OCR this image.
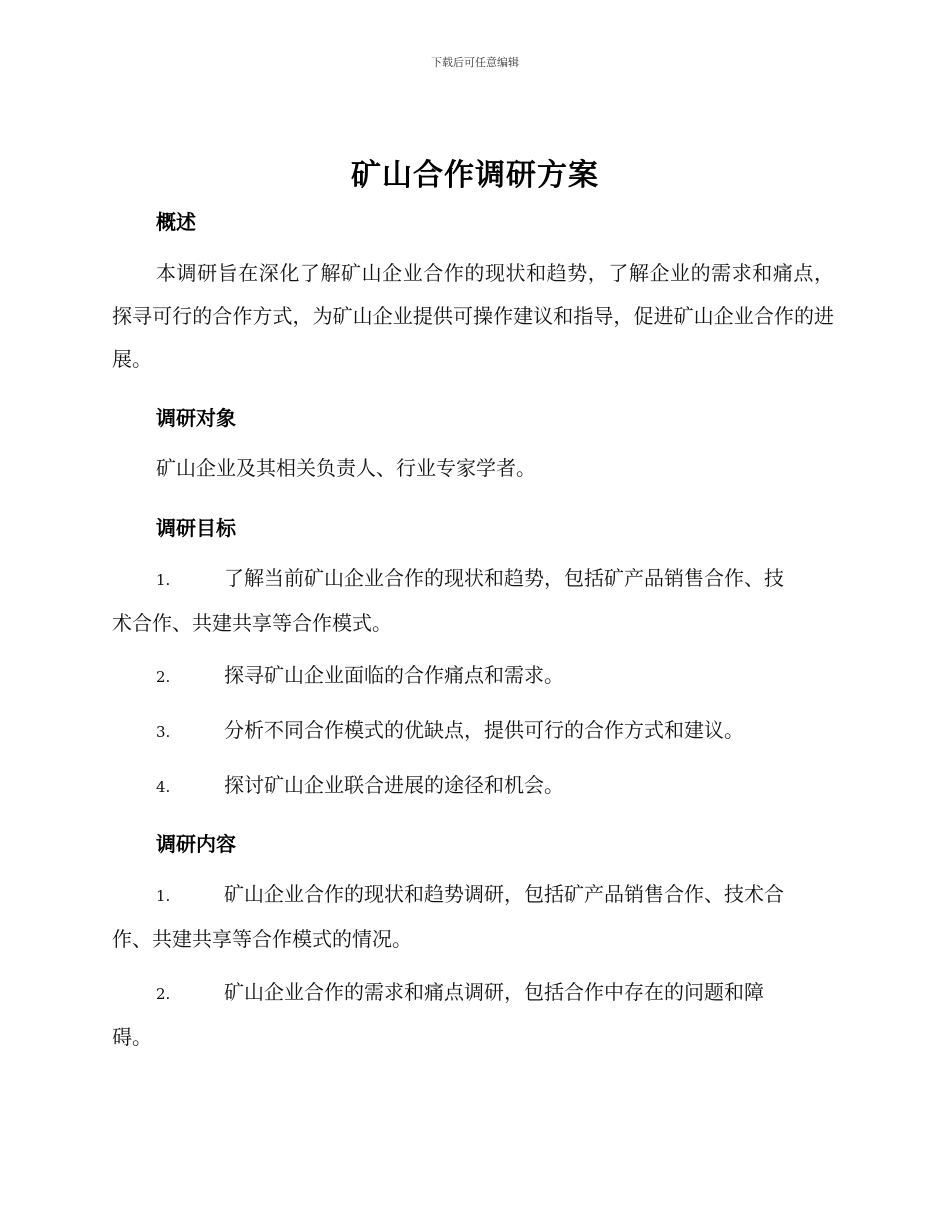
下载后可任意编辑
矿山合作调研方案
概述
本调研旨在深化了解矿山企业合作的现状和趋势，了解企业的需求和痛点，探寻可行的合作方式，为矿山企业提供可操作建议和指导，促进矿山企业合作的进展。
调研对象
矿山企业及其相关负责人、行业专家学者。
调研目标
1.	了解当前矿山企业合作的现状和趋势，包括矿产品销售合作、技
术合作、共建共享等合作模式。
2.	探寻矿山企业面临的合作痛点和需求。
3.	分析不同合作模式的优缺点，提供可行的合作方式和建议。
4.	探讨矿山企业联合进展的途径和机会。
调研内容
1.	矿山企业合作的现状和趋势调研，包括矿产品销售合作、技术合
作、共建共享等合作模式的情况。
2.	矿山企业合作的需求和痛点调研，包括合作中存在的问题和障
碍。
